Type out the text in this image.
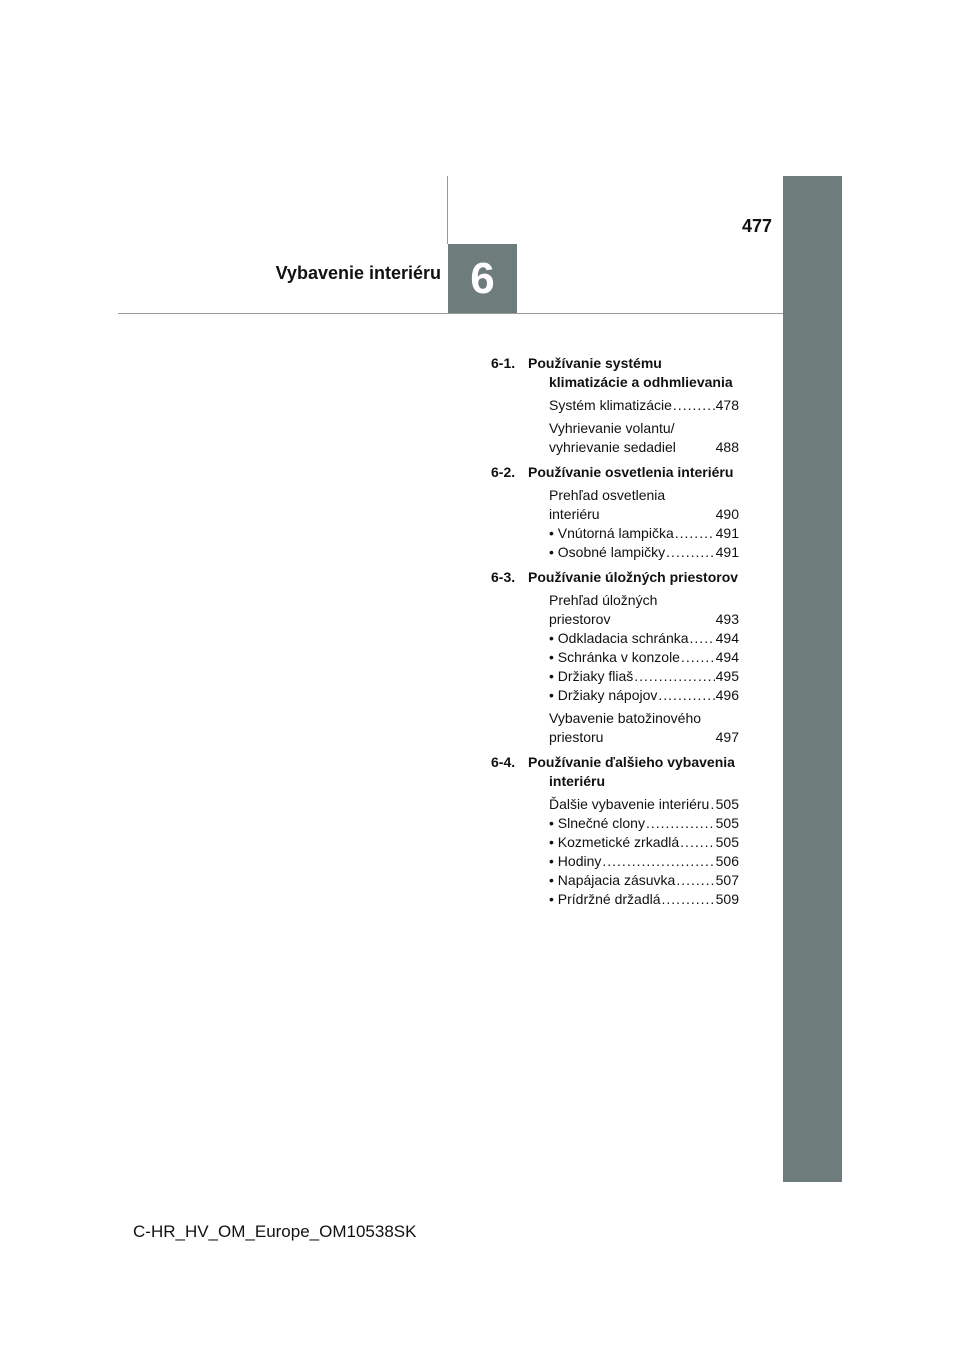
477
Vybavenie interiéru 6
6-1. Používanie systému klimatizácie a odhmlievania
Systém klimatizácie .....	478
Vyhrievanie volantu/ vyhrievanie sedadiel	488
6-2. Používanie osvetlenia interiéru
Prehľad osvetlenia interiéru	490
• Vnútorná lampička .....	491
• Osobné lampičky .....	491
6-3. Používanie úložných priestorov
Prehľad úložných priestorov	493
• Odkladacia schránka ..... 494
• Schránka v konzole .....	494
• Držiaky fliaš .....	495
• Držiaky nápojov .....	496
Vybavenie batožinového priestoru	497
6-4. Používanie ďalšieho vybavenia interiéru
Ďalšie vybavenie interiéru ..... 505
• Slnečné clony .....	505
• Kozmetické zrkadlá .....	505
• Hodiny .....	506
• Napájacia zásuvka .....	507
• Prídržné držadlá .....	509
C-HR_HV_OM_Europe_OM10538SK
